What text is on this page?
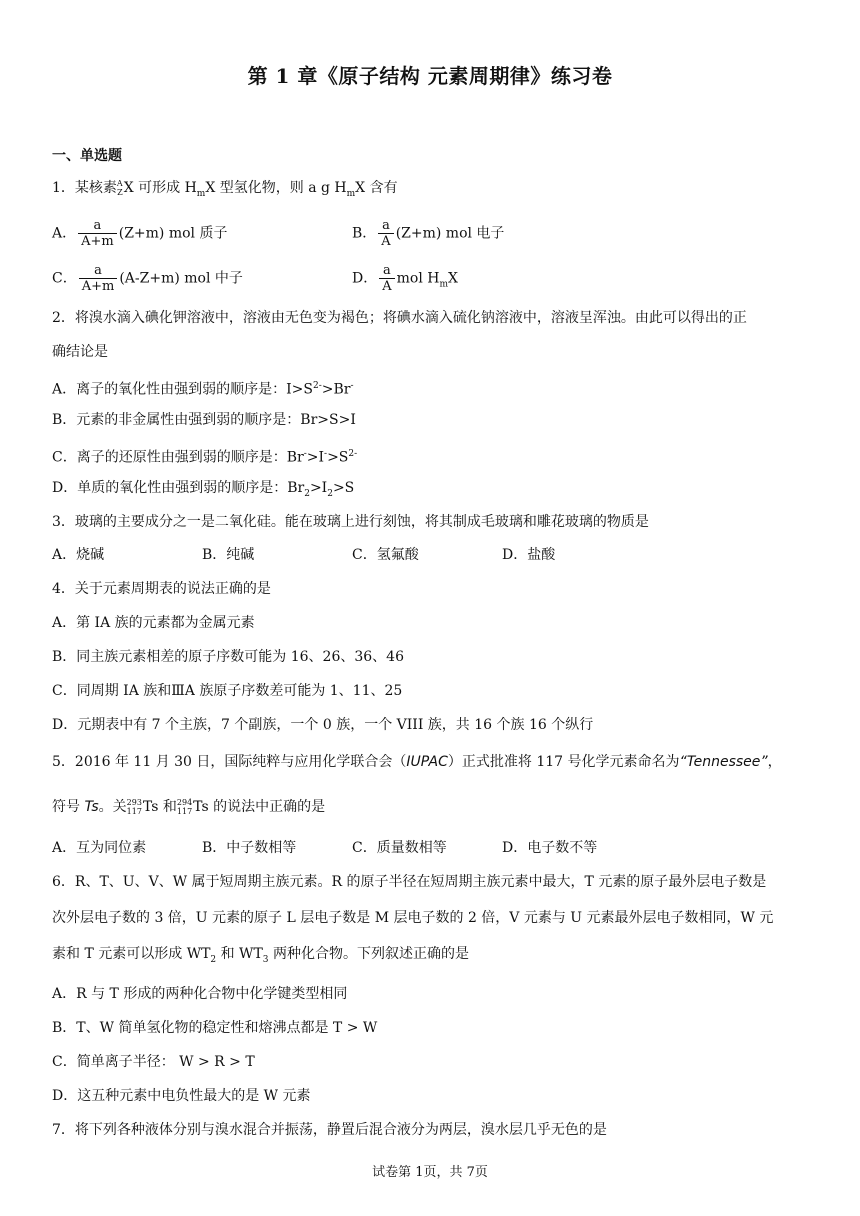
第 1 章《原子结构 元素周期律》练习卷
一、单选题
1．某核素 A
Z X 可形成 $H_mX$ 型氢化物，则 a g $H_mX$ 含有
A． $\frac{a}{A+m} (Z+m)$ mol 质子	B． $\frac{a}{A} (Z+m)$ mol 电子
C． $\frac{a}{A+m} (A-Z+m)$ mol 中子	D． $\frac{a}{A}$ mol $H_mX$
2．将溴水滴入碘化钾溶液中，溶液由无色变为褐色；将碘水滴入硫化钠溶液中，溶液呈浑浊。由此可以得出的正
确结论是
A．离子的氧化性由强到弱的顺序是：$I>S^{2-}>Br^-$
B．元素的非金属性由强到弱的顺序是：Br>S>I
C．离子的还原性由强到弱的顺序是：$Br^->I^->S^{2-}$
D．单质的氧化性由强到弱的顺序是：$Br_2>I_2>S$
3．玻璃的主要成分之一是二氧化硅。能在玻璃上进行刻蚀，将其制成毛玻璃和雕花玻璃的物质是
A．烧碱	B．纯碱	C．氢氟酸	D．盐酸
4．关于元素周期表的说法正确的是
A．第 IA 族的元素都为金属元素
B．同主族元素相差的原子序数可能为 16、26、36、46
C．同周期 IA 族和ⅢA 族原子序数差可能为 1、11、25
D．元期表中有 7 个主族，7 个副族，一个 0 族，一个 VIII 族，共 16 个族 16 个纵行
5．2016 年 11 月 30 日，国际纯粹与应用化学联合会（IUPAC）正式批准将 117 号化学元素命名为“Tennessee”，
符号 Ts。关 293
117 Ts 和 294
117 Ts 的说法中正确的是
A．互为同位素	B．中子数相等	C．质量数相等	D．电子数不等
6．R、T、U、V、W 属于短周期主族元素。R 的原子半径在短周期主族元素中最大，T 元素的原子最外层电子数是
次外层电子数的 3 倍，U 元素的原子 L 层电子数是 M 层电子数的 2 倍，V 元素与 U 元素最外层电子数相同，W 元
素和 T 元素可以形成 $WT_2$ 和 $WT_3$ 两种化合物。下列叙述正确的是
A．R 与 T 形成的两种化合物中化学键类型相同
B．T、W 简单氢化物的稳定性和熔沸点都是 T > W
C．简单离子半径： W > R > T
D．这五种元素中电负性最大的是 W 元素
7．将下列各种液体分别与溴水混合并振荡，静置后混合液分为两层，溴水层几乎无色的是
试卷第 1页，共 7页
